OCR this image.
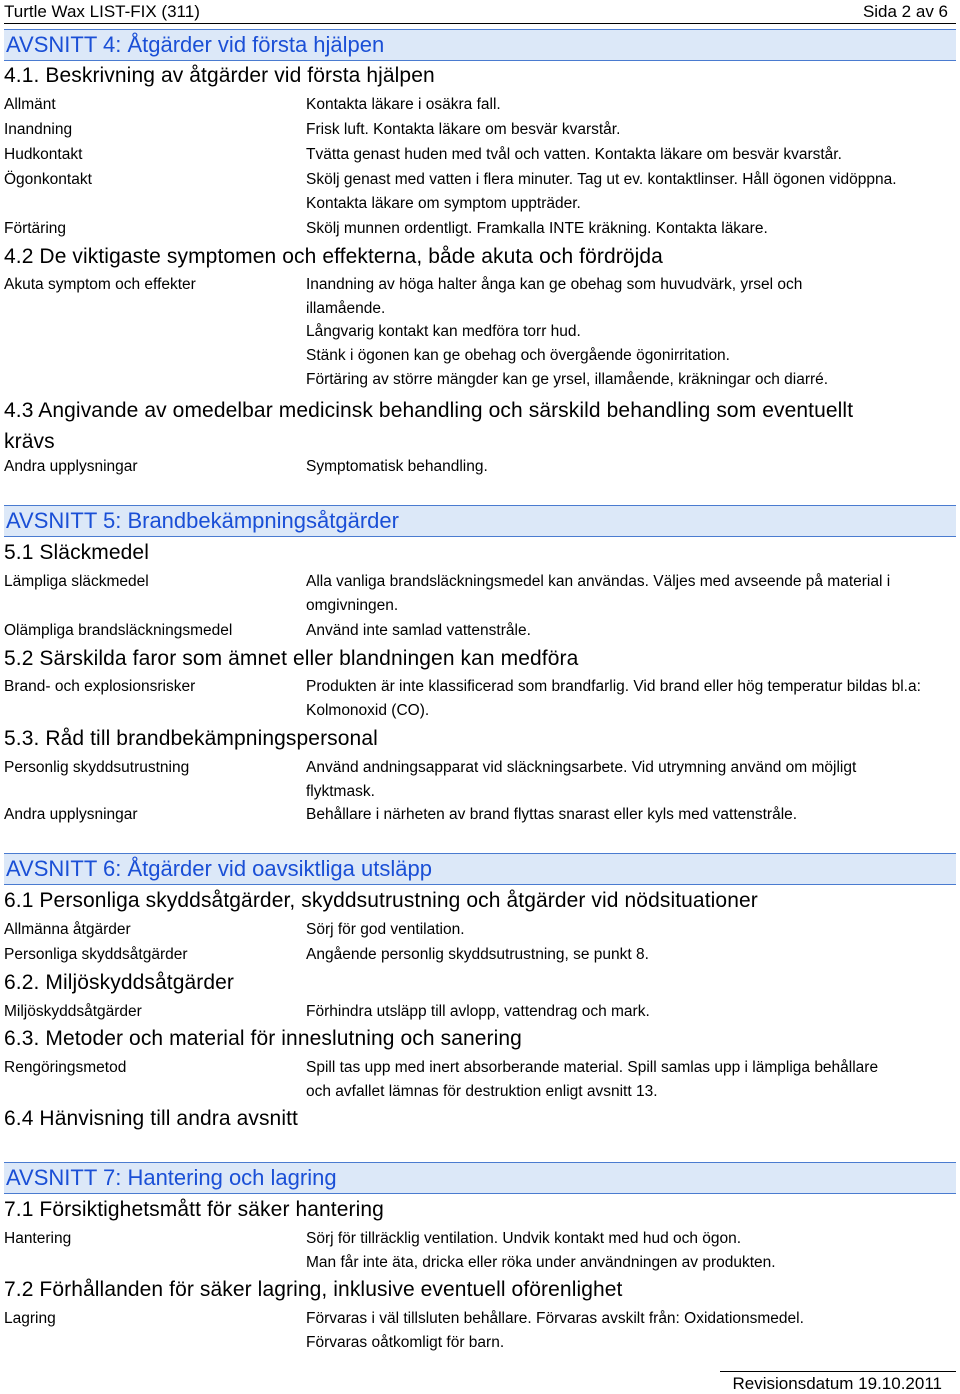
Turtle Wax LIST-FIX (311)	Sida 2 av 6
AVSNITT 4: Åtgärder vid första hjälpen
4.1. Beskrivning av åtgärder vid första hjälpen
Allmänt	Kontakta läkare i osäkra fall.
Inandning	Frisk luft. Kontakta läkare om besvär kvarstår.
Hudkontakt	Tvätta genast huden med tvål och vatten. Kontakta läkare om besvär kvarstår.
Ögonkontakt	Skölj genast med vatten i flera minuter. Tag ut ev. kontaktlinser. Håll ögonen vidöppna. Kontakta läkare om symptom uppträder.
Förtäring	Skölj munnen ordentligt. Framkalla INTE kräkning. Kontakta läkare.
4.2 De viktigaste symptomen och effekterna, både akuta och fördröjda
Akuta symptom och effekter	Inandning av höga halter ånga kan ge obehag som huvudvärk, yrsel och illamående.
Långvarig kontakt kan medföra torr hud.
Stänk i ögonen kan ge obehag och övergående ögonirritation.
Förtäring av större mängder kan ge yrsel, illamående, kräkningar och diarré.
4.3 Angivande av omedelbar medicinsk behandling och särskild behandling som eventuellt krävs
Andra upplysningar	Symptomatisk behandling.
AVSNITT 5: Brandbekämpningsåtgärder
5.1 Släckmedel
Lämpliga släckmedel	Alla vanliga brandsläckningsmedel kan användas. Väljes med avseende på material i omgivningen.
Olämpliga brandsläckningsmedel	Använd inte samlad vattenstråle.
5.2 Särskilda faror som ämnet eller blandningen kan medföra
Brand- och explosionsrisker	Produkten är inte klassificerad som brandfarlig. Vid brand eller hög temperatur bildas bl.a: Kolmonoxid (CO).
5.3. Råd till brandbekämpningspersonal
Personlig skyddsutrustning	Använd andningsapparat vid släckningsarbete. Vid utrymning använd om möjligt flyktmask.
Andra upplysningar	Behållare i närheten av brand flyttas snarast eller kyls med vattenstråle.
AVSNITT 6: Åtgärder vid oavsiktliga utsläpp
6.1 Personliga skyddsåtgärder, skyddsutrustning och åtgärder vid nödsituationer
Allmänna åtgärder	Sörj för god ventilation.
Personliga skyddsåtgärder	Angående personlig skyddsutrustning, se punkt 8.
6.2. Miljöskyddsåtgärder
Miljöskyddsåtgärder	Förhindra utsläpp till avlopp, vattendrag och mark.
6.3. Metoder och material för inneslutning och sanering
Rengöringsmetod	Spill tas upp med inert absorberande material. Spill samlas upp i lämpliga behållare och avfallet lämnas för destruktion enligt avsnitt 13.
6.4 Hänvisning till andra avsnitt
AVSNITT 7: Hantering och lagring
7.1 Försiktighetsmått för säker hantering
Hantering	Sörj för tillräcklig ventilation. Undvik kontakt med hud och ögon.
Man får inte äta, dricka eller röka under användningen av produkten.
7.2 Förhållanden för säker lagring, inklusive eventuell oförenlighet
Lagring	Förvaras i väl tillsluten behållare. Förvaras avskilt från: Oxidationsmedel.
Förvaras oåtkomligt för barn.
Revisionsdatum 19.10.2011
